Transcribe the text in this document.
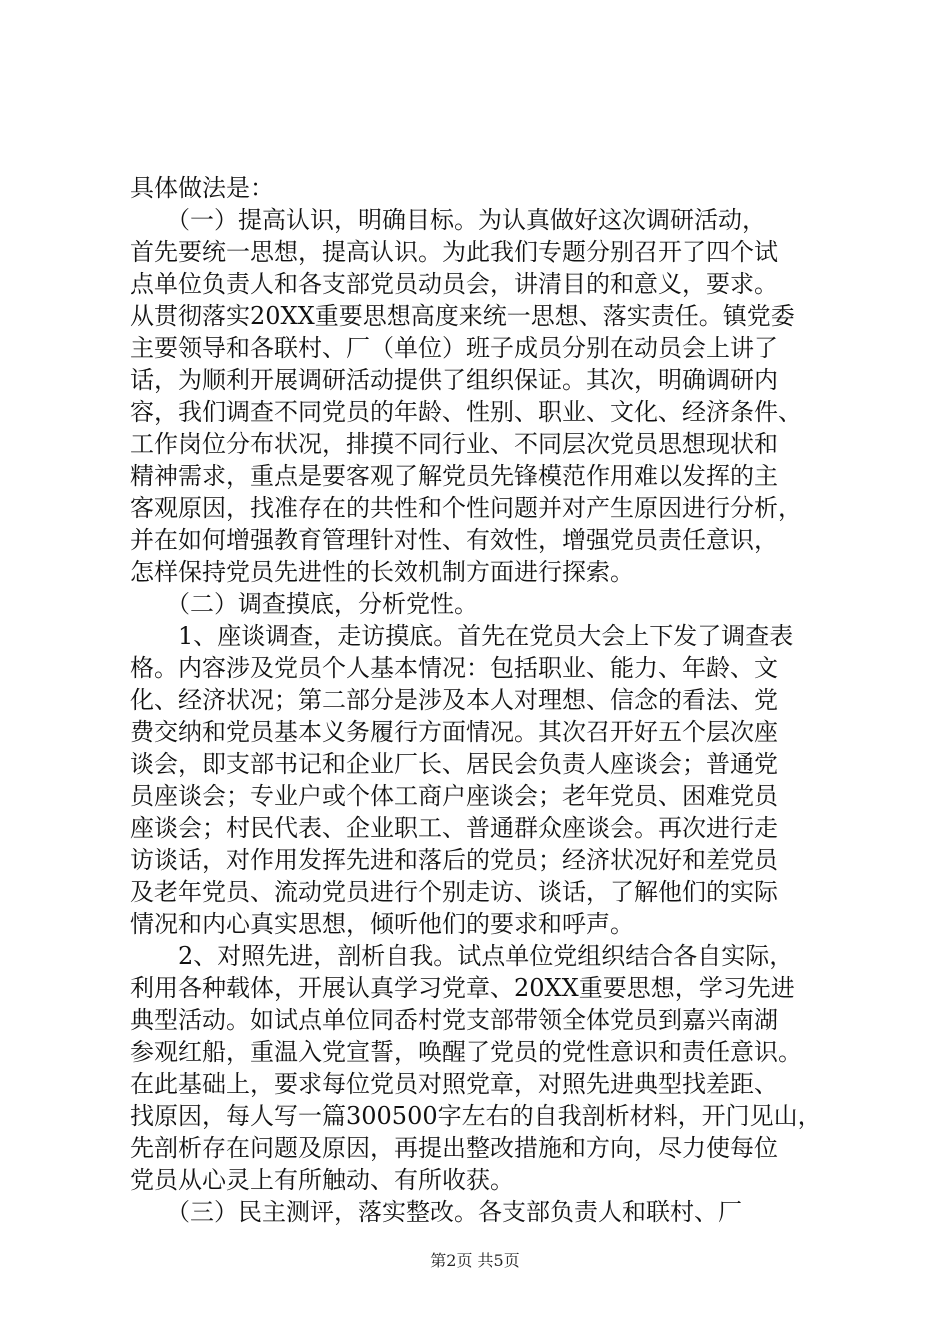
具体做法是：
　　（一）提高认识，明确目标。为认真做好这次调研活动，
首先要统一思想，提高认识。为此我们专题分别召开了四个试
点单位负责人和各支部党员动员会，讲清目的和意义，要求。
从贯彻落实20XX重要思想高度来统一思想、落实责任。镇党委
主要领导和各联村、厂（单位）班子成员分别在动员会上讲了
话，为顺利开展调研活动提供了组织保证。其次，明确调研内
容，我们调查不同党员的年龄、性别、职业、文化、经济条件、
工作岗位分布状况，排摸不同行业、不同层次党员思想现状和
精神需求，重点是要客观了解党员先锋模范作用难以发挥的主
客观原因，找准存在的共性和个性问题并对产生原因进行分析，
并在如何增强教育管理针对性、有效性，增强党员责任意识，
怎样保持党员先进性的长效机制方面进行探索。
　　（二）调查摸底，分析党性。
　　1、座谈调查，走访摸底。首先在党员大会上下发了调查表
格。内容涉及党员个人基本情况：包括职业、能力、年龄、文
化、经济状况；第二部分是涉及本人对理想、信念的看法、党
费交纳和党员基本义务履行方面情况。其次召开好五个层次座
谈会，即支部书记和企业厂长、居民会负责人座谈会；普通党
员座谈会；专业户或个体工商户座谈会；老年党员、困难党员
座谈会；村民代表、企业职工、普通群众座谈会。再次进行走
访谈话，对作用发挥先进和落后的党员；经济状况好和差党员
及老年党员、流动党员进行个别走访、谈话，了解他们的实际
情况和内心真实思想，倾听他们的要求和呼声。
　　2、对照先进，剖析自我。试点单位党组织结合各自实际，
利用各种载体，开展认真学习党章、20XX重要思想，学习先进
典型活动。如试点单位同岙村党支部带领全体党员到嘉兴南湖
参观红船，重温入党宣誓，唤醒了党员的党性意识和责任意识。
在此基础上，要求每位党员对照党章，对照先进典型找差距、
找原因，每人写一篇300500字左右的自我剖析材料，开门见山，
先剖析存在问题及原因，再提出整改措施和方向，尽力使每位
党员从心灵上有所触动、有所收获。
　　（三）民主测评，落实整改。各支部负责人和联村、厂
第2页 共5页
